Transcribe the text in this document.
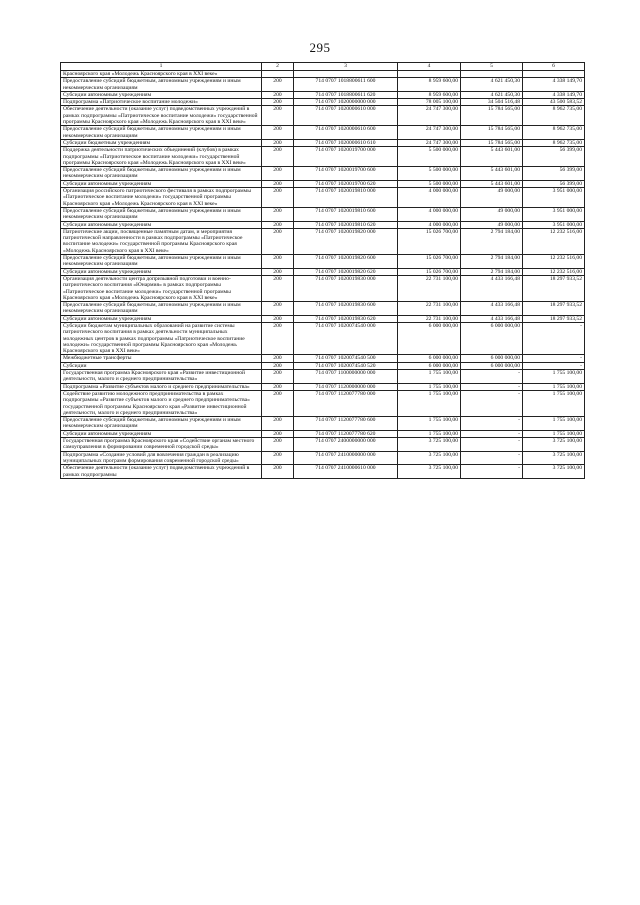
295
1	2	3	4	5	6
Красноярского края «Молодежь Красноярского края в XXI веке»					
Предоставление субсидий бюджетным, автономным учреждениям и иным некоммерческим организациям	200	714 0707 1018800611 600	8 959 600,00	4 621 450,30	4 338 149,70
Субсидии автономным учреждениям	200	714 0707 1018800611 620	8 959 600,00	4 621 450,30	4 338 149,70
Подпрограмма «Патриотическое воспитание молодежи»	200	714 0707 1020000000 000	78 005 100,00	34 504 516,48	43 500 583,52
Обеспечение деятельности (оказание услуг) подведомственных учреждений в рамках подпрограммы «Патриотическое воспитание молодежи» государственной программы Красноярского края «Молодежь Красноярского края в XXI веке»	200	714 0707 1020000610 000	24 747 300,00	15 784 565,00	8 962 735,00
Предоставление субсидий бюджетным, автономным учреждениям и иным некоммерческим организациям	200	714 0707 1020000610 600	24 747 300,00	15 784 565,00	8 962 735,00
Субсидии бюджетным учреждениям	200	714 0707 1020000610 610	24 747 300,00	15 784 565,00	8 962 735,00
Поддержка деятельности патриотических объединений (клубов) в рамках подпрограммы «Патриотическое воспитание молодежи» государственной программы Красноярского края «Молодежь Красноярского края в XXI веке»	200	714 0707 1020019700 000	5 500 000,00	5 443 601,00	56 399,00
Предоставление субсидий бюджетным, автономным учреждениям и иным некоммерческим организациям	200	714 0707 1020019700 600	5 500 000,00	5 443 601,00	56 399,00
Субсидии автономным учреждениям	200	714 0707 1020019700 620	5 500 000,00	5 443 601,00	56 399,00
Организация российского патриотического фестиваля в рамках подпрограммы «Патриотическое воспитание молодежи» государственной программы Красноярского края «Молодежь Красноярского края в XXI веке»	200	714 0707 1020019810 000	4 000 000,00	49 000,00	3 951 000,00
Предоставление субсидий бюджетным, автономным учреждениям и иным некоммерческим организациям	200	714 0707 1020019810 600	4 000 000,00	49 000,00	3 951 000,00
Субсидии автономным учреждениям	200	714 0707 1020019810 620	4 000 000,00	49 000,00	3 951 000,00
Патриотические акции, посвященные памятным датам, и мероприятия патриотической направленности в рамках подпрограммы «Патриотическое воспитание молодежи» государственной программы Красноярского края «Молодежь Красноярского края в XXI веке»	200	714 0707 1020019820 000	15 026 700,00	2 794 184,00	12 232 516,00
Предоставление субсидий бюджетным, автономным учреждениям и иным некоммерческим организациям	200	714 0707 1020019820 600	15 026 700,00	2 794 184,00	12 232 516,00
Субсидии автономным учреждениям	200	714 0707 1020019820 620	15 026 700,00	2 794 184,00	12 232 516,00
Организация деятельности центра допризывной подготовки и военно-патриотического воспитания «Юнармия» в рамках подпрограммы «Патриотическое воспитание молодежи» государственной программы Красноярского края «Молодежь Красноярского края в XXI веке»	200	714 0707 1020019830 000	22 731 100,00	4 433 166,48	18 297 933,52
Предоставление субсидий бюджетным, автономным учреждениям и иным некоммерческим организациям	200	714 0707 1020019830 600	22 731 100,00	4 433 166,48	18 297 933,52
Субсидии автономным учреждениям	200	714 0707 1020019830 620	22 731 100,00	4 433 166,48	18 297 933,52
Субсидии бюджетам муниципальных образований на развитие системы патриотического воспитания в рамках деятельности муниципальных молодежных центров в рамках подпрограммы «Патриотическое воспитание молодежи» государственной программы Красноярского края «Молодежь Красноярского края в XXI веке»	200	714 0707 1020074540 000	6 000 000,00	6 000 000,00	-
Межбюджетные трансферты	200	714 0707 1020074540 500	6 000 000,00	6 000 000,00	-
Субсидии	200	714 0707 1020074540 520	6 000 000,00	6 000 000,00	-
Государственная программа Красноярского края «Развитие инвестиционной деятельности, малого и среднего предпринимательства»	200	714 0707 1100000000 000	1 755 100,00	-	1 755 100,00
Подпрограмма «Развитие субъектов малого и среднего предпринимательства»	200	714 0707 1120000000 000	1 755 100,00	-	1 755 100,00
Содействие развитию молодежного предпринимательства в рамках подпрограммы «Развитие субъектов малого и среднего предпринимательства» государственной программы Красноярского края «Развитие инвестиционной деятельности, малого и среднего предпринимательства»	200	714 0707 1120077780 000	1 755 100,00	-	1 755 100,00
Предоставление субсидий бюджетным, автономным учреждениям и иным некоммерческим организациям	200	714 0707 1120077780 600	1 755 100,00	-	1 755 100,00
Субсидии автономным учреждениям	200	714 0707 1120077780 620	1 755 100,00	-	1 755 100,00
Государственная программа Красноярского края «Содействие органам местного самоуправления в формировании современной городской среды»	200	714 0707 2400000000 000	3 725 100,00	-	3 725 100,00
Подпрограмма «Создание условий для вовлечения граждан в реализацию муниципальных программ формирования современной городской среды»	200	714 0707 2410000000 000	3 725 100,00	-	3 725 100,00
Обеспечение деятельности (оказание услуг) подведомственных учреждений в рамках подпрограммы	200	714 0707 2410000610 000	3 725 100,00	-	3 725 100,00
